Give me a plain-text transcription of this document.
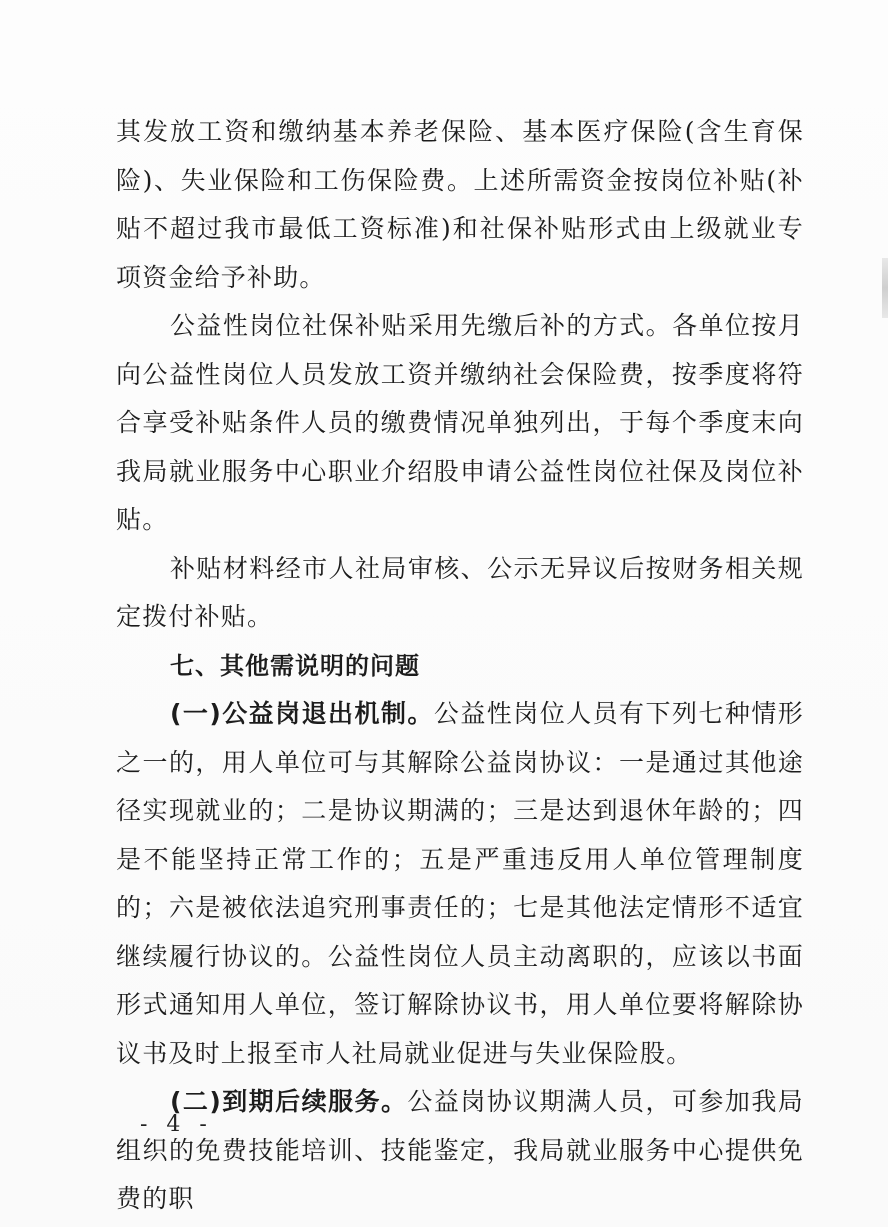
其发放工资和缴纳基本养老保险、基本医疗保险(含生育保险)、失业保险和工伤保险费。上述所需资金按岗位补贴(补贴不超过我市最低工资标准)和社保补贴形式由上级就业专项资金给予补助。

公益性岗位社保补贴采用先缴后补的方式。各单位按月向公益性岗位人员发放工资并缴纳社会保险费，按季度将符合享受补贴条件人员的缴费情况单独列出，于每个季度末向我局就业服务中心职业介绍股申请公益性岗位社保及岗位补贴。

补贴材料经市人社局审核、公示无异议后按财务相关规定拨付补贴。

七、其他需说明的问题

(一)公益岗退出机制。公益性岗位人员有下列七种情形之一的，用人单位可与其解除公益岗协议：一是通过其他途径实现就业的；二是协议期满的；三是达到退休年龄的；四是不能坚持正常工作的；五是严重违反用人单位管理制度的；六是被依法追究刑事责任的；七是其他法定情形不适宜继续履行协议的。公益性岗位人员主动离职的，应该以书面形式通知用人单位，签订解除协议书，用人单位要将解除协议书及时上报至市人社局就业促进与失业保险股。

(二)到期后续服务。公益岗协议期满人员，可参加我局组织的免费技能培训、技能鉴定，我局就业服务中心提供免费的职

- 4 -
